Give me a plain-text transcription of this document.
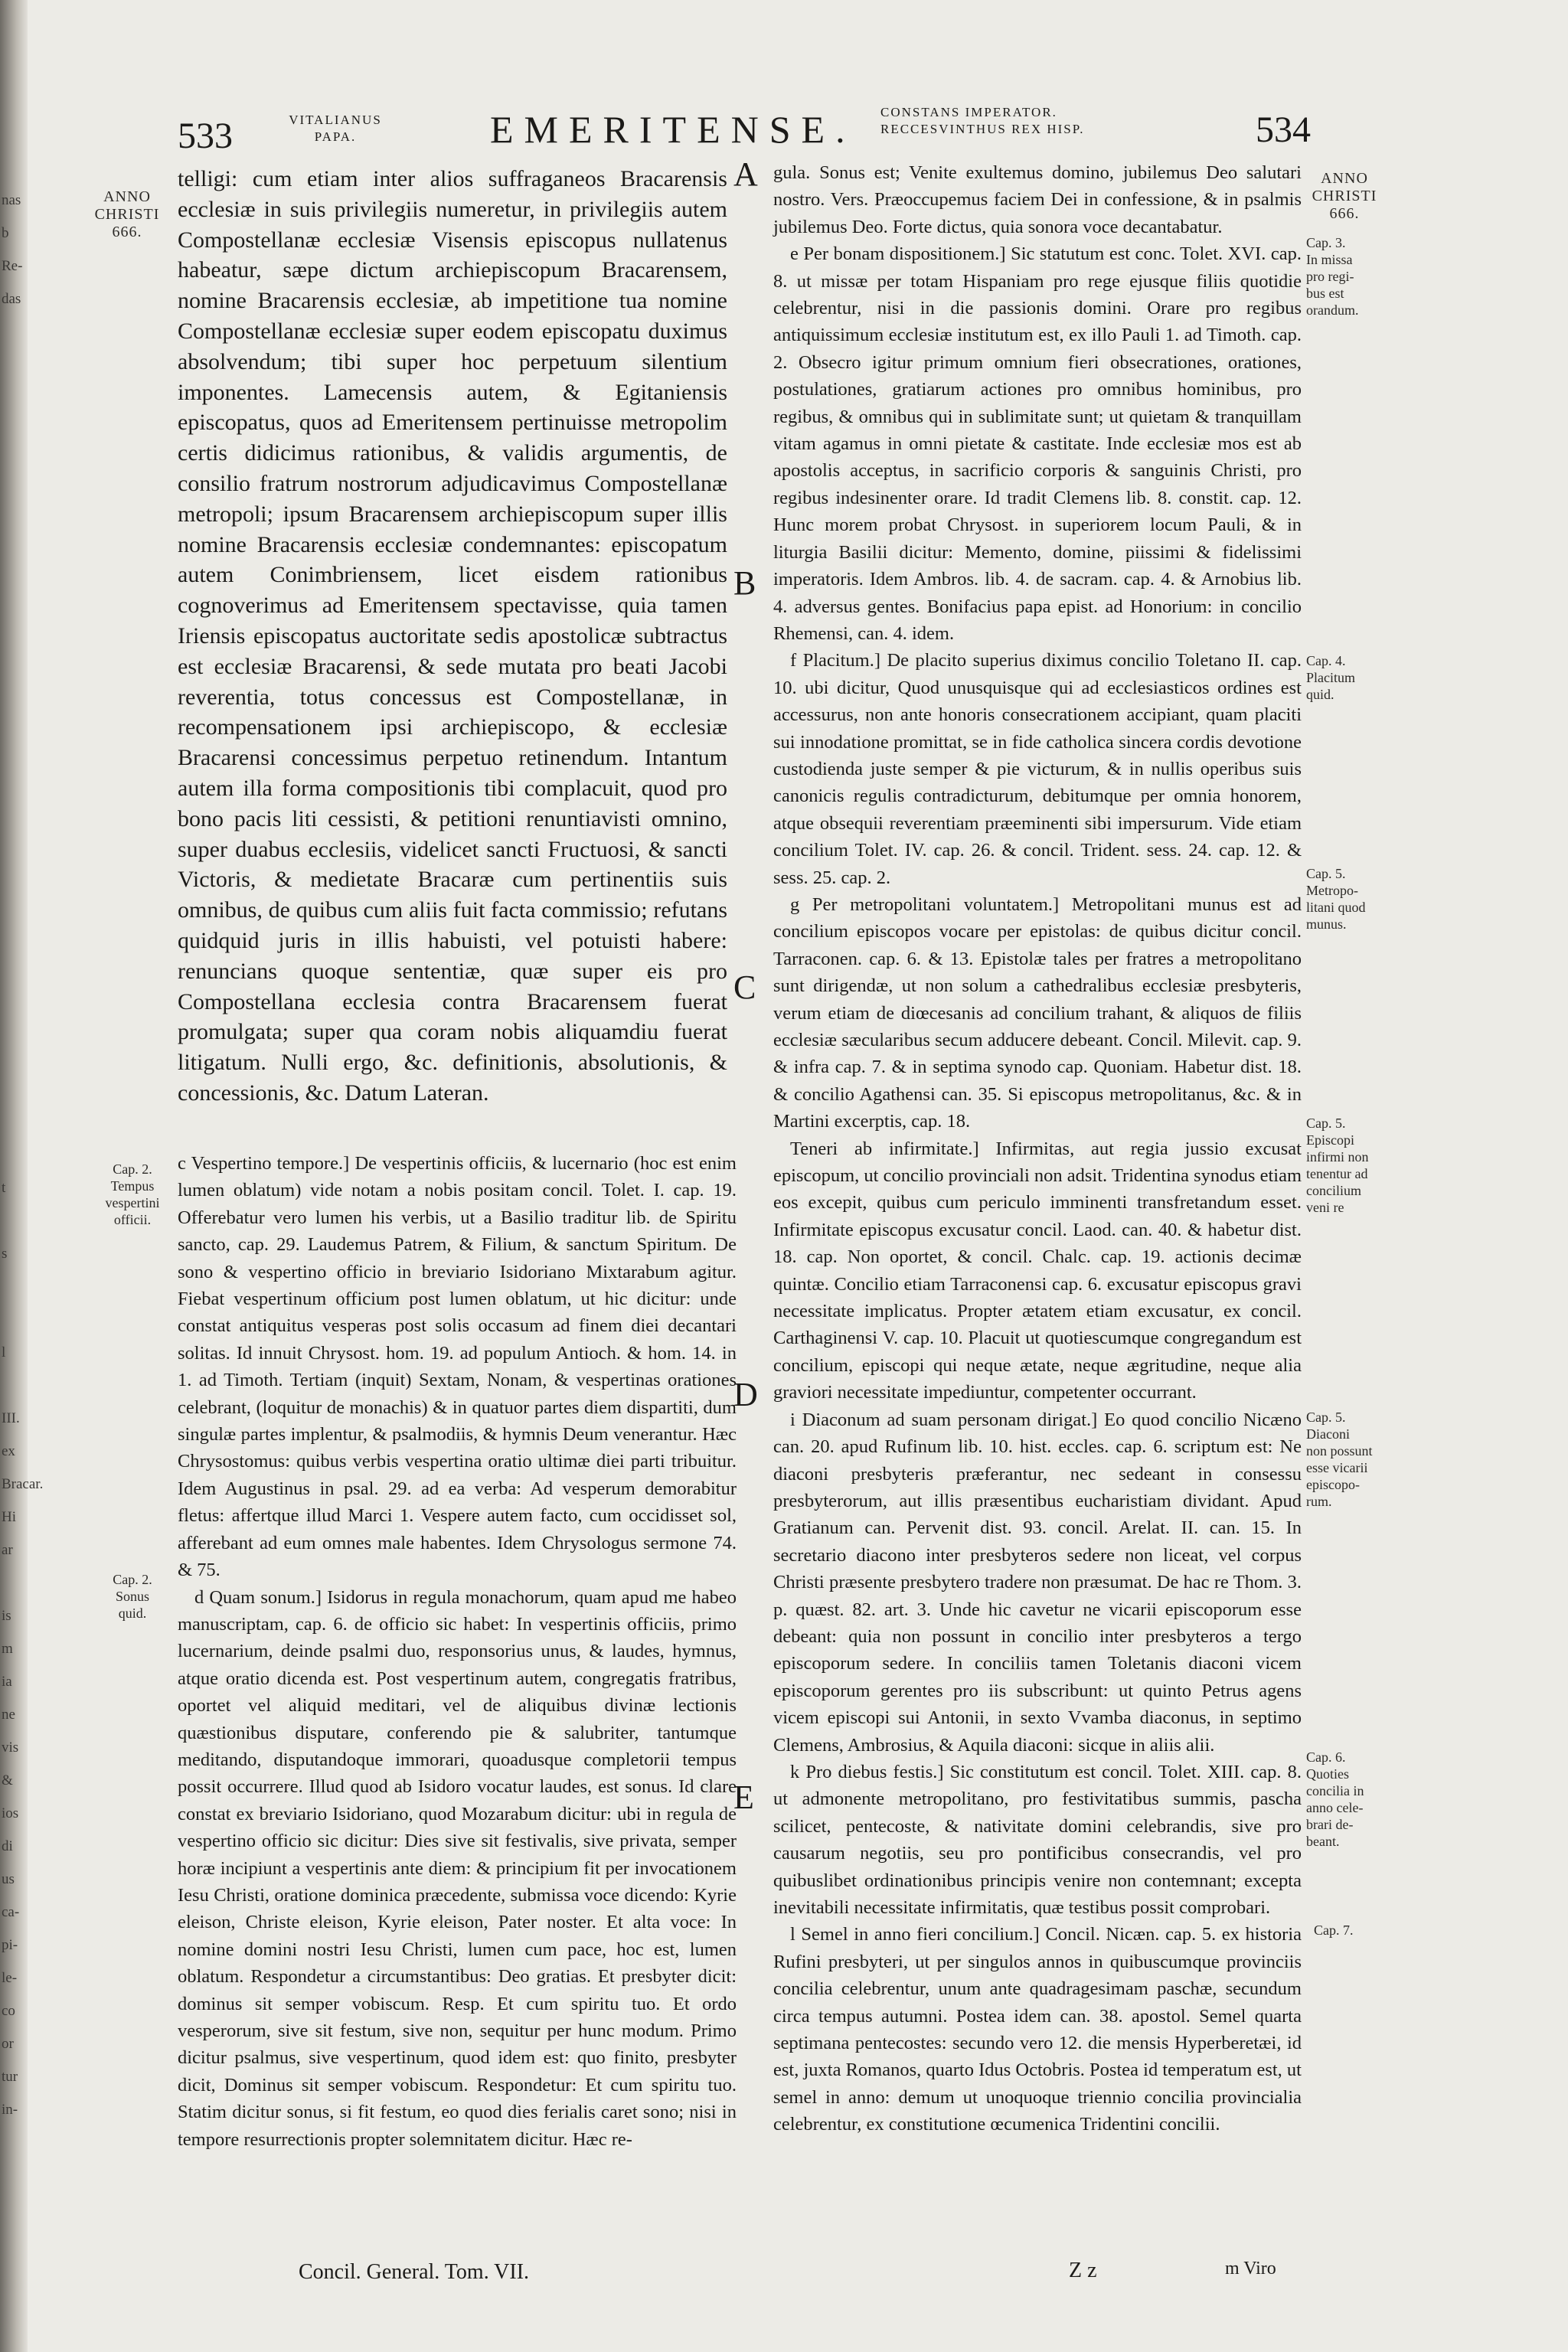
nas
b
Re-
das

t

s

l

III. ex
Bracar.
Hi
ar

is
m
ia
ne
vis
&
ios
di
us
ca-
pi-
le-
co
or
tur
in-
533	VITALIANUS
PAPA.	EMERITENSE. CONSTANS IMPERATOR.
RECCESVINTHUS REX HISP.	534
ANNO
CHRISTI
666.
Cap. 2.
Tempus
vespertini
officii.
Cap. 2.
Sonus
quid.

telligi: cum etiam inter alios suffraganeos Bracarensis ecclesiæ in suis privilegiis numeretur, in privilegiis autem Compostellanæ ecclesiæ Visensis episcopus nullatenus habeatur, sæpe dictum archiepiscopum Bracarensem, nomine Bracarensis ecclesiæ, ab impetitione tua nomine Compostellanæ ecclesiæ super eodem episcopatu duximus absolvendum; tibi super hoc perpetuum silentium imponentes. Lamecensis autem, & Egitaniensis episcopatus, quos ad Emeritensem pertinuisse metropolim certis didicimus rationibus, & validis argumentis, de consilio fratrum nostrorum adjudicavimus Compostellanæ metropoli; ipsum Bracarensem archiepiscopum super illis nomine Bracarensis ecclesiæ condemnantes: episcopatum autem Conimbriensem, licet eisdem rationibus cognoverimus ad Emeritensem spectavisse, quia tamen Iriensis episcopatus auctoritate sedis apostolicæ subtractus est ecclesiæ Bracarensi, & sede mutata pro beati Jacobi reverentia, totus concessus est Compostellanæ, in recompensationem ipsi archiepiscopo, & ecclesiæ Bracarensi concessimus perpetuo retinendum. Intantum autem illa forma compositionis tibi complacuit, quod pro bono pacis liti cessisti, & petitioni renuntiavisti omnino, super duabus ecclesiis, videlicet sancti Fructuosi, & sancti Victoris, & medietate Bracaræ cum pertinentiis suis omnibus, de quibus cum aliis fuit facta commissio; refutans quidquid juris in illis habuisti, vel potuisti habere: renuncians quoque sententiæ, quæ super eis pro Compostellana ecclesia contra Bracarensem fuerat promulgata; super qua coram nobis aliquamdiu fuerat litigatum. Nulli ergo, &c. definitionis, absolutionis, & concessionis, &c. Datum Lateran.

c Vespertino tempore.] De vespertinis officiis, & lucernario (hoc est enim lumen oblatum) vide notam a nobis positam concil. Tolet. I. cap. 19. Offerebatur vero lumen his verbis, ut a Basilio traditur lib. de Spiritu sancto, cap. 29. Laudemus Patrem, & Filium, & sanctum Spiritum. De sono & vespertino officio in breviario Isidoriano Mixtarabum agitur. Fiebat vespertinum officium post lumen oblatum, ut hic dicitur: unde constat antiquitus vesperas post solis occasum ad finem diei decantari solitas. Id innuit Chrysost. hom. 19. ad populum Antioch. & hom. 14. in 1. ad Timoth. Tertiam (inquit) Sextam, Nonam, & vespertinas orationes celebrant, (loquitur de monachis) & in quatuor partes diem dispartiti, dum singulæ partes implentur, & psalmodiis, & hymnis Deum venerantur. Hæc Chrysostomus: quibus verbis vespertina oratio ultimæ diei parti tribuitur. Idem Augustinus in psal. 29. ad ea verba: Ad vesperum demorabitur fletus: affertque illud Marci 1. Vespere autem facto, cum occidisset sol, afferebant ad eum omnes male habentes. Idem Chrysologus sermone 74. & 75.

d Quam sonum.] Isidorus in regula monachorum, quam apud me habeo manuscriptam, cap. 6. de officio sic habet: In vespertinis officiis, primo lucernarium, deinde psalmi duo, responsorius unus, & laudes, hymnus, atque oratio dicenda est. Post vespertinum autem, congregatis fratribus, oportet vel aliquid meditari, vel de aliquibus divinæ lectionis quæstionibus disputare, conferendo pie & salubriter, tantumque meditando, disputandoque immorari, quoadusque completorii tempus possit occurrere. Illud quod ab Isidoro vocatur laudes, est sonus. Id clare constat ex breviario Isidoriano, quod Mozarabum dicitur: ubi in regula de vespertino officio sic dicitur: Dies sive sit festivalis, sive privata, semper horæ incipiunt a vespertinis ante diem: & principium fit per invocationem Iesu Christi, oratione dominica præcedente, submissa voce dicendo: Kyrie eleison, Christe eleison, Kyrie eleison, Pater noster. Et alta voce: In nomine domini nostri Iesu Christi, lumen cum pace, hoc est, lumen oblatum. Respondetur a circumstantibus: Deo gratias. Et presbyter dicit: dominus sit semper vobiscum. Resp. Et cum spiritu tuo. Et ordo vesperorum, sive sit festum, sive non, sequitur per hunc modum. Primo dicitur psalmus, sive vespertinum, quod idem est: quo finito, presbyter dicit, Dominus sit semper vobiscum. Respondetur: Et cum spiritu tuo. Statim dicitur sonus, si fit festum, eo quod dies ferialis caret sono; nisi in tempore resurrectionis propter solemnitatem dicitur. Hæc re-

Concil. General. Tom. VII.
A
B
C
D
E

gula. Sonus est; Venite exultemus domino, jubilemus Deo salutari nostro. Vers. Præoccupemus faciem Dei in confessione, & in psalmis jubilemus Deo. Forte dictus, quia sonora voce decantabatur.

e Per bonam dispositionem.] Sic statutum est conc. Tolet. XVI. cap. 8. ut missæ per totam Hispaniam pro rege ejusque filiis quotidie celebrentur, nisi in die passionis domini. Orare pro regibus antiquissimum ecclesiæ institutum est, ex illo Pauli 1. ad Timoth. cap. 2. Obsecro igitur primum omnium fieri obsecrationes, orationes, postulationes, gratiarum actiones pro omnibus hominibus, pro regibus, & omnibus qui in sublimitate sunt; ut quietam & tranquillam vitam agamus in omni pietate & castitate. Inde ecclesiæ mos est ab apostolis acceptus, in sacrificio corporis & sanguinis Christi, pro regibus indesinenter orare. Id tradit Clemens lib. 8. constit. cap. 12. Hunc morem probat Chrysost. in superiorem locum Pauli, & in liturgia Basilii dicitur: Memento, domine, piissimi & fidelissimi imperatoris. Idem Ambros. lib. 4. de sacram. cap. 4. & Arnobius lib. 4. adversus gentes. Bonifacius papa epist. ad Honorium: in concilio Rhemensi, can. 4. idem.

f Placitum.] De placito superius diximus concilio Toletano II. cap. 10. ubi dicitur, Quod unusquisque qui ad ecclesiasticos ordines est accessurus, non ante honoris consecrationem accipiant, quam placiti sui innodatione promittat, se in fide catholica sincera cordis devotione custodienda juste semper & pie victurum, & in nullis operibus suis canonicis regulis contradicturum, debitumque per omnia honorem, atque obsequii reverentiam præeminenti sibi impersurum. Vide etiam concilium Tolet. IV. cap. 26. & concil. Trident. sess. 24. cap. 12. & sess. 25. cap. 2.

g Per metropolitani voluntatem.] Metropolitani munus est ad concilium episcopos vocare per epistolas: de quibus dicitur concil. Tarraconen. cap. 6. & 13. Epistolæ tales per fratres a metropolitano sunt dirigendæ, ut non solum a cathedralibus ecclesiæ presbyteris, verum etiam de diœcesanis ad concilium trahant, & aliquos de filiis ecclesiæ sæcularibus secum adducere debeant. Concil. Milevit. cap. 9. & infra cap. 7. & in septima synodo cap. Quoniam. Habetur dist. 18. & concilio Agathensi can. 35. Si episcopus metropolitanus, &c. & in Martini excerptis, cap. 18.

Teneri ab infirmitate.] Infirmitas, aut regia jussio excusat episcopum, ut concilio provinciali non adsit. Tridentina synodus etiam eos excepit, quibus cum periculo imminenti transfretandum esset. Infirmitate episcopus excusatur concil. Laod. can. 40. & habetur dist. 18. cap. Non oportet, & concil. Chalc. cap. 19. actionis decimæ quintæ. Concilio etiam Tarraconensi cap. 6. excusatur episcopus gravi necessitate implicatus. Propter ætatem etiam excusatur, ex concil. Carthaginensi V. cap. 10. Placuit ut quotiescumque congregandum est concilium, episcopi qui neque ætate, neque ægritudine, neque alia graviori necessitate impediuntur, competenter occurrant.

i Diaconum ad suam personam dirigat.] Eo quod concilio Nicæno can. 20. apud Rufinum lib. 10. hist. eccles. cap. 6. scriptum est: Ne diaconi presbyteris præferantur, nec sedeant in consessu presbyterorum, aut illis præsentibus eucharistiam dividant. Apud Gratianum can. Pervenit dist. 93. concil. Arelat. II. can. 15. In secretario diacono inter presbyteros sedere non liceat, vel corpus Christi præsente presbytero tradere non præsumat. De hac re Thom. 3. p. quæst. 82. art. 3. Unde hic cavetur ne vicarii episcoporum esse debeant: quia non possunt in concilio inter presbyteros a tergo episcoporum sedere. In conciliis tamen Toletanis diaconi vicem episcoporum gerentes pro iis subscribunt: ut quinto Petrus agens vicem episcopi sui Antonii, in sexto Vvamba diaconus, in septimo Clemens, Ambrosius, & Aquila diaconi: sicque in aliis alii.

k Pro diebus festis.] Sic constitutum est concil. Tolet. XIII. cap. 8. ut admonente metropolitano, pro festivitatibus summis, pascha scilicet, pentecoste, & nativitate domini celebrandis, sive pro causarum negotiis, seu pro pontificibus consecrandis, vel pro quibuslibet ordinationibus principis venire non contemnant; excepta inevitabili necessitate infirmitatis, quæ testibus possit comprobari.

l Semel in anno fieri concilium.] Concil. Nicæn. cap. 5. ex historia Rufini presbyteri, ut per singulos annos in quibuscumque provinciis concilia celebrentur, unum ante quadragesimam paschæ, secundum circa tempus autumni. Postea idem can. 38. apostol. Semel quarta septimana pentecostes: secundo vero 12. die mensis Hyperberetæi, id est, juxta Romanos, quarto Idus Octobris. Postea id temperatum est, ut semel in anno: demum ut unoquoque triennio concilia provincialia celebrentur, ex constitutione œcumenica Tridentini concilii.

Z z	m Viro
ANNO
CHRISTI
666.
Cap. 3.
In missa
pro regi-
bus est
orandum.
Cap. 4.
Placitum
quid.
Cap. 5.
Metropo-
litani quod
munus.
Cap. 5.
Episcopi
infirmi non
tenentur ad
concilium
veni re
Cap. 5.
Diaconi
non possunt
esse vicarii
episcopo-
rum.
Cap. 6.
Quoties
concilia in
anno cele-
brari de-
beant.
Cap. 7.
